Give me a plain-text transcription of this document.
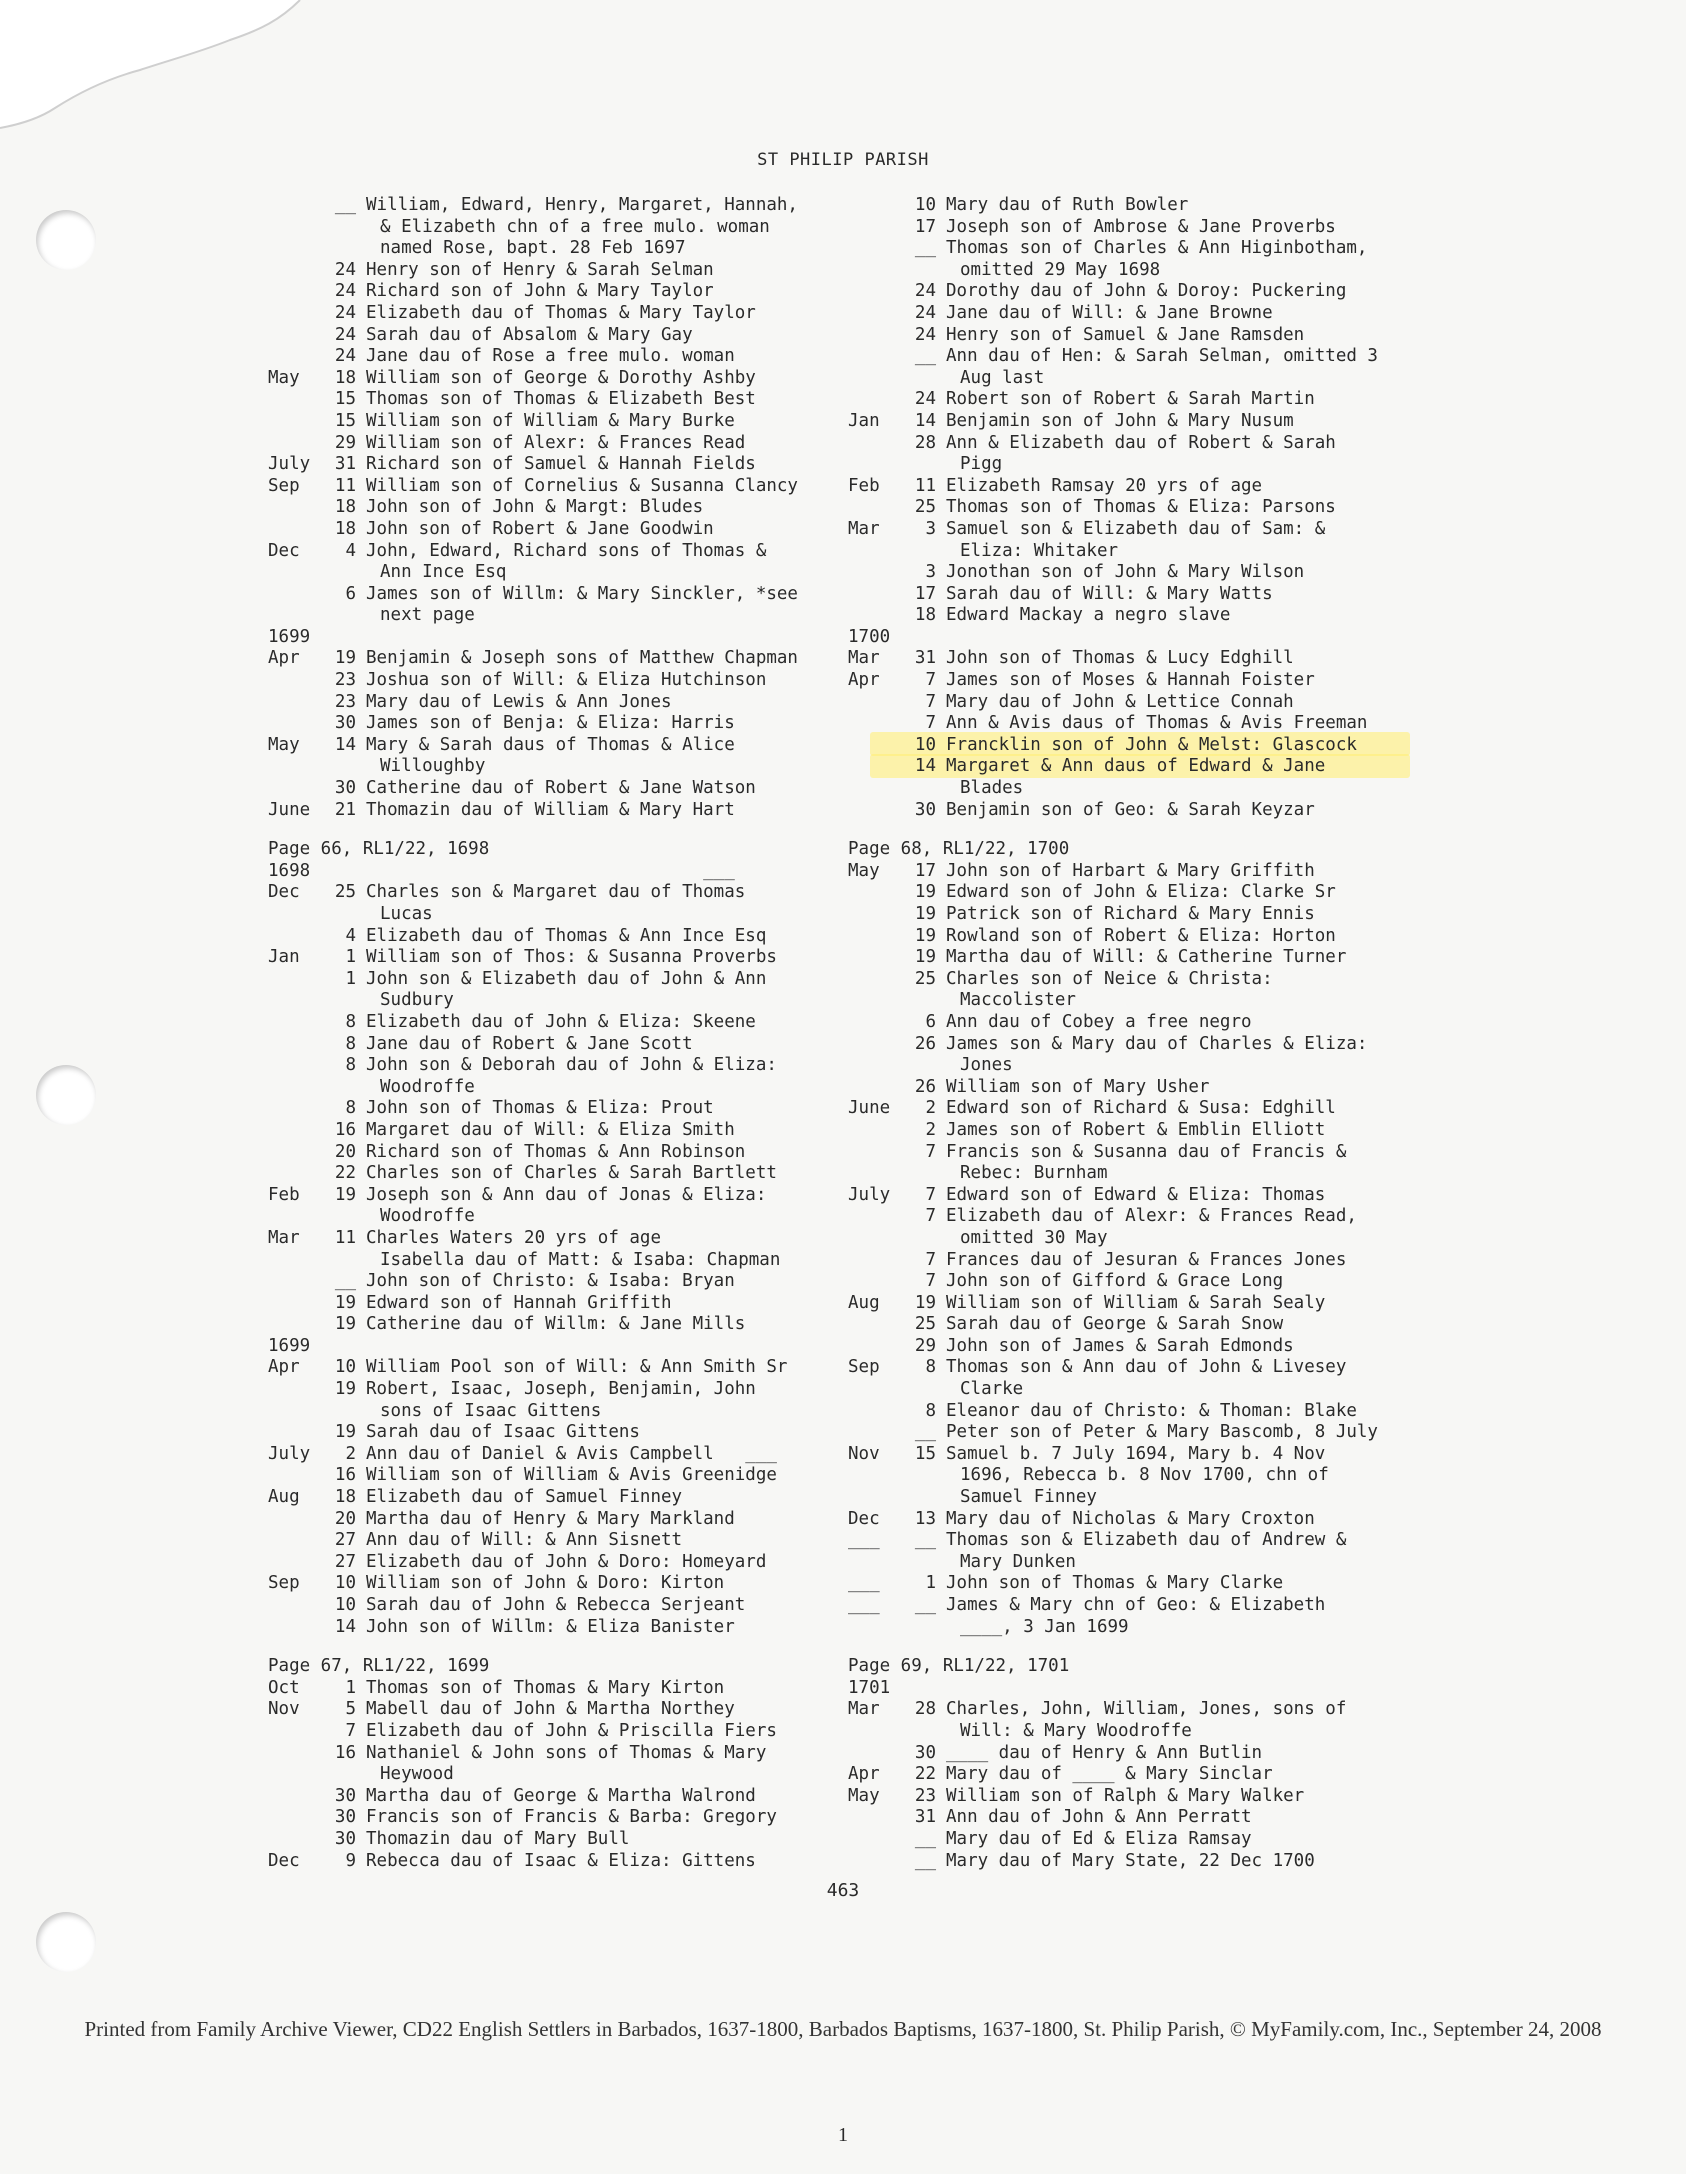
ST PHILIP PARISH
__ William, Edward, Henry, Margaret, Hannah,
& Elizabeth chn of a free mulo. woman
named Rose, bapt. 28 Feb 1697
24 Henry son of Henry & Sarah Selman
24 Richard son of John & Mary Taylor
24 Elizabeth dau of Thomas & Mary Taylor
24 Sarah dau of Absalom & Mary Gay
24 Jane dau of Rose a free mulo. woman
May	18 William son of George & Dorothy Ashby
15 Thomas son of Thomas & Elizabeth Best
15 William son of William & Mary Burke
29 William son of Alexr: & Frances Read
July	31 Richard son of Samuel & Hannah Fields
Sep	11 William son of Cornelius & Susanna Clancy
18 John son of John & Margt: Bludes
18 John son of Robert & Jane Goodwin
Dec	4 John, Edward, Richard sons of Thomas &
Ann Ince Esq
6 James son of Willm: & Mary Sinckler, *see
next page
1699
Apr	19 Benjamin & Joseph sons of Matthew Chapman
23 Joshua son of Will: & Eliza Hutchinson
23 Mary dau of Lewis & Ann Jones
30 James son of Benja: & Eliza: Harris
May	14 Mary & Sarah daus of Thomas & Alice
Willoughby
30 Catherine dau of Robert & Jane Watson
June	21 Thomazin dau of William & Mary Hart
Page 66, RL1/22, 1698
1698	___
Dec	25 Charles son & Margaret dau of Thomas
Lucas
4 Elizabeth dau of Thomas & Ann Ince Esq
Jan	1 William son of Thos: & Susanna Proverbs
1 John son & Elizabeth dau of John & Ann
Sudbury
8 Elizabeth dau of John & Eliza: Skeene
8 Jane dau of Robert & Jane Scott
8 John son & Deborah dau of John & Eliza:
Woodroffe
8 John son of Thomas & Eliza: Prout
16 Margaret dau of Will: & Eliza Smith
20 Richard son of Thomas & Ann Robinson
22 Charles son of Charles & Sarah Bartlett
Feb	19 Joseph son & Ann dau of Jonas & Eliza:
Woodroffe
Mar	11 Charles Waters 20 yrs of age
Isabella dau of Matt: & Isaba: Chapman
__ John son of Christo: & Isaba: Bryan
19 Edward son of Hannah Griffith
19 Catherine dau of Willm: & Jane Mills
1699
Apr	10 William Pool son of Will: & Ann Smith Sr
19 Robert, Isaac, Joseph, Benjamin, John
sons of Isaac Gittens
19 Sarah dau of Isaac Gittens
July	2 Ann dau of Daniel & Avis Campbell   ___
16 William son of William & Avis Greenidge
Aug	18 Elizabeth dau of Samuel Finney
20 Martha dau of Henry & Mary Markland
27 Ann dau of Will: & Ann Sisnett
27 Elizabeth dau of John & Doro: Homeyard
Sep	10 William son of John & Doro: Kirton
10 Sarah dau of John & Rebecca Serjeant
14 John son of Willm: & Eliza Banister
Page 67, RL1/22, 1699
Oct	1 Thomas son of Thomas & Mary Kirton
Nov	5 Mabell dau of John & Martha Northey
7 Elizabeth dau of John & Priscilla Fiers
16 Nathaniel & John sons of Thomas & Mary
Heywood
30 Martha dau of George & Martha Walrond
30 Francis son of Francis & Barba: Gregory
30 Thomazin dau of Mary Bull
Dec	9 Rebecca dau of Isaac & Eliza: Gittens
10 Mary dau of Ruth Bowler
17 Joseph son of Ambrose & Jane Proverbs
__ Thomas son of Charles & Ann Higinbotham,
omitted 29 May 1698
24 Dorothy dau of John & Doroy: Puckering
24 Jane dau of Will: & Jane Browne
24 Henry son of Samuel & Jane Ramsden
__ Ann dau of Hen: & Sarah Selman, omitted 3
Aug last
24 Robert son of Robert & Sarah Martin
Jan	14 Benjamin son of John & Mary Nusum
28 Ann & Elizabeth dau of Robert & Sarah
Pigg
Feb	11 Elizabeth Ramsay 20 yrs of age
25 Thomas son of Thomas & Eliza: Parsons
Mar	3 Samuel son & Elizabeth dau of Sam: &
Eliza: Whitaker
3 Jonothan son of John & Mary Wilson
17 Sarah dau of Will: & Mary Watts
18 Edward Mackay a negro slave
1700
Mar	31 John son of Thomas & Lucy Edghill
Apr	7 James son of Moses & Hannah Foister
7 Mary dau of John & Lettice Connah
7 Ann & Avis daus of Thomas & Avis Freeman
10 Francklin son of John & Melst: Glascock
14 Margaret & Ann daus of Edward & Jane
Blades
30 Benjamin son of Geo: & Sarah Keyzar
Page 68, RL1/22, 1700
May	17 John son of Harbart & Mary Griffith
19 Edward son of John & Eliza: Clarke Sr
19 Patrick son of Richard & Mary Ennis
19 Rowland son of Robert & Eliza: Horton
19 Martha dau of Will: & Catherine Turner
25 Charles son of Neice & Christa:
Maccolister
6 Ann dau of Cobey a free negro
26 James son & Mary dau of Charles & Eliza:
Jones
26 William son of Mary Usher
June	2 Edward son of Richard & Susa: Edghill
2 James son of Robert & Emblin Elliott
7 Francis son & Susanna dau of Francis &
Rebec: Burnham
July	7 Edward son of Edward & Eliza: Thomas
7 Elizabeth dau of Alexr: & Frances Read,
omitted 30 May
7 Frances dau of Jesuran & Frances Jones
7 John son of Gifford & Grace Long
Aug	19 William son of William & Sarah Sealy
25 Sarah dau of George & Sarah Snow
29 John son of James & Sarah Edmonds
Sep	8 Thomas son & Ann dau of John & Livesey
Clarke
8 Eleanor dau of Christo: & Thoman: Blake
__ Peter son of Peter & Mary Bascomb, 8 July
Nov	15 Samuel b. 7 July 1694, Mary b. 4 Nov
1696, Rebecca b. 8 Nov 1700, chn of
Samuel Finney
Dec	13 Mary dau of Nicholas & Mary Croxton
___	__ Thomas son & Elizabeth dau of Andrew &
Mary Dunken
___	1 John son of Thomas & Mary Clarke
___	__ James & Mary chn of Geo: & Elizabeth
____, 3 Jan 1699
Page 69, RL1/22, 1701
1701
Mar	28 Charles, John, William, Jones, sons of
Will: & Mary Woodroffe
30 ____ dau of Henry & Ann Butlin
Apr	22 Mary dau of ____ & Mary Sinclar
May	23 William son of Ralph & Mary Walker
31 Ann dau of John & Ann Perratt
__ Mary dau of Ed & Eliza Ramsay
__ Mary dau of Mary State, 22 Dec 1700
463
Printed from Family Archive Viewer, CD22 English Settlers in Barbados, 1637-1800, Barbados Baptisms, 1637-1800, St. Philip Parish, © MyFamily.com, Inc., September 24, 2008
1
